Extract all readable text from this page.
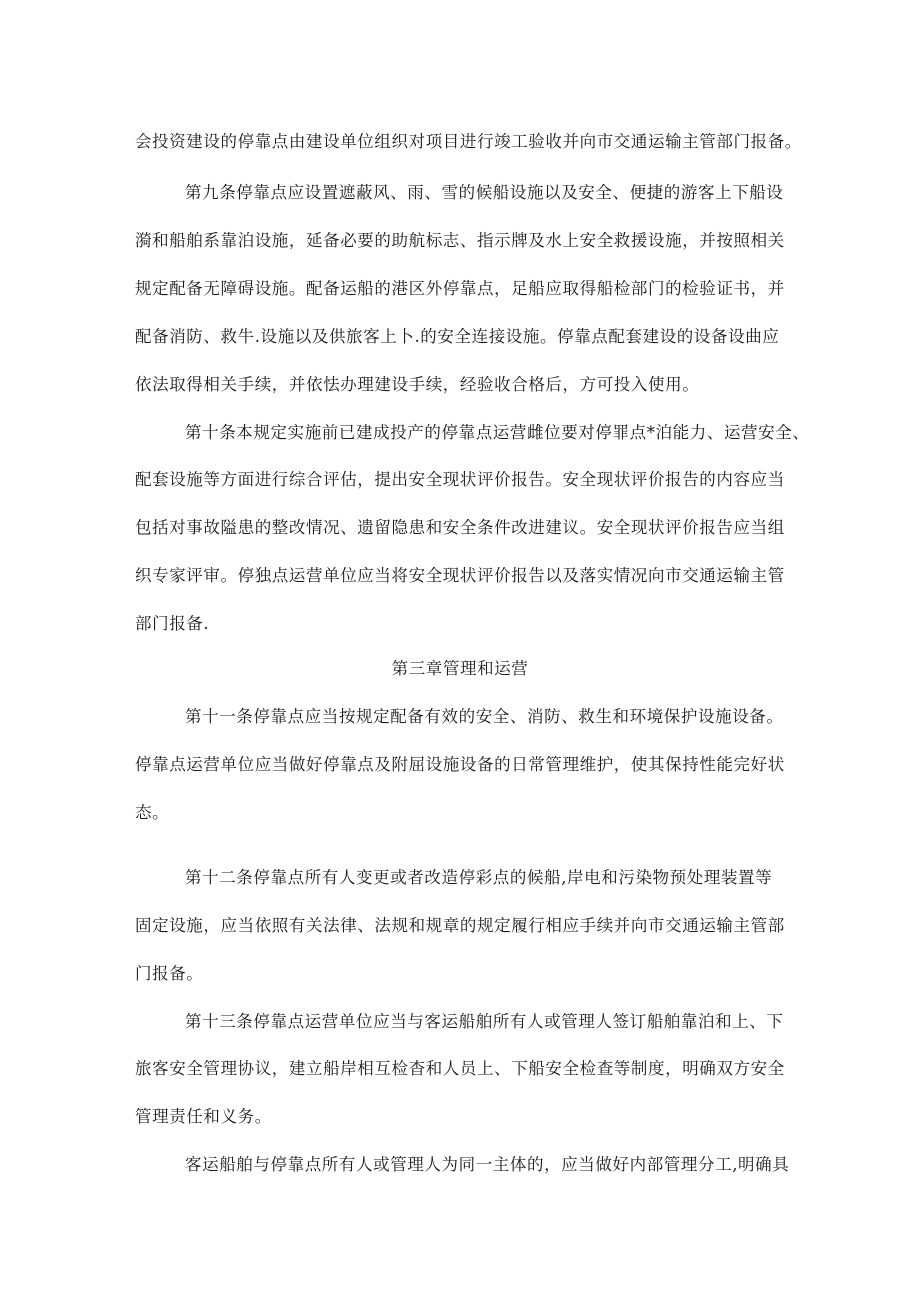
会投资建设的停靠点由建设单位组织对项目进行竣工验收并向市交通运输主管部门报备。
第九条停靠点应设置遮蔽风、雨、雪的候船设施以及安全、便捷的游客上下船设
漪和船舶系靠泊设施，延备必要的助航标志、指示牌及水上安全救援设施，并按照相关
规定配备无障碍设施。配备运船的港区外停靠点，足船应取得船检部门的检验证书，并
配备消防、救牛.设施以及供旅客上卜.的安全连接设施。停靠点配套建设的设备设曲应
依法取得相关手续，并依怯办理建设手续，经验收合格后，方可投入使用。
第十条本规定实施前已建成投产的停靠点运营雌位要对停罪点*泊能力、运营安全、
配套设施等方面进行综合评估，提出安全现状评价报告。安全现状评价报告的内容应当
包括对事故隘患的整改情况、遗留隐患和安全条件改进建议。安全现状评价报告应当组
织专家评审。停独点运营单位应当将安全现状评价报告以及落实情况向市交通运输主管
部门报备.
第三章管理和运营
第十一条停靠点应当按规定配备有效的安全、消防、救生和环境保护设施设备。
停靠点运营单位应当做好停靠点及附屈设施设备的日常管理维护，使其保持性能完好状
态。
第十二条停靠点所有人变更或者改造停彩点的候船,岸电和污染物预处理装置等
固定设施，应当依照有关法律、法规和规章的规定履行相应手续并向市交通运输主管部
门报备。
第十三条停靠点运营单位应当与客运船舶所有人或管理人签订船舶靠泊和上、下
旅客安全管理协议，建立船岸相互检杳和人员上、下船安全检查等制度，明确双方安全
管理责任和义务。
客运船舶与停靠点所有人或管理人为同一主体的，应当做好内部管理分工,明确具
